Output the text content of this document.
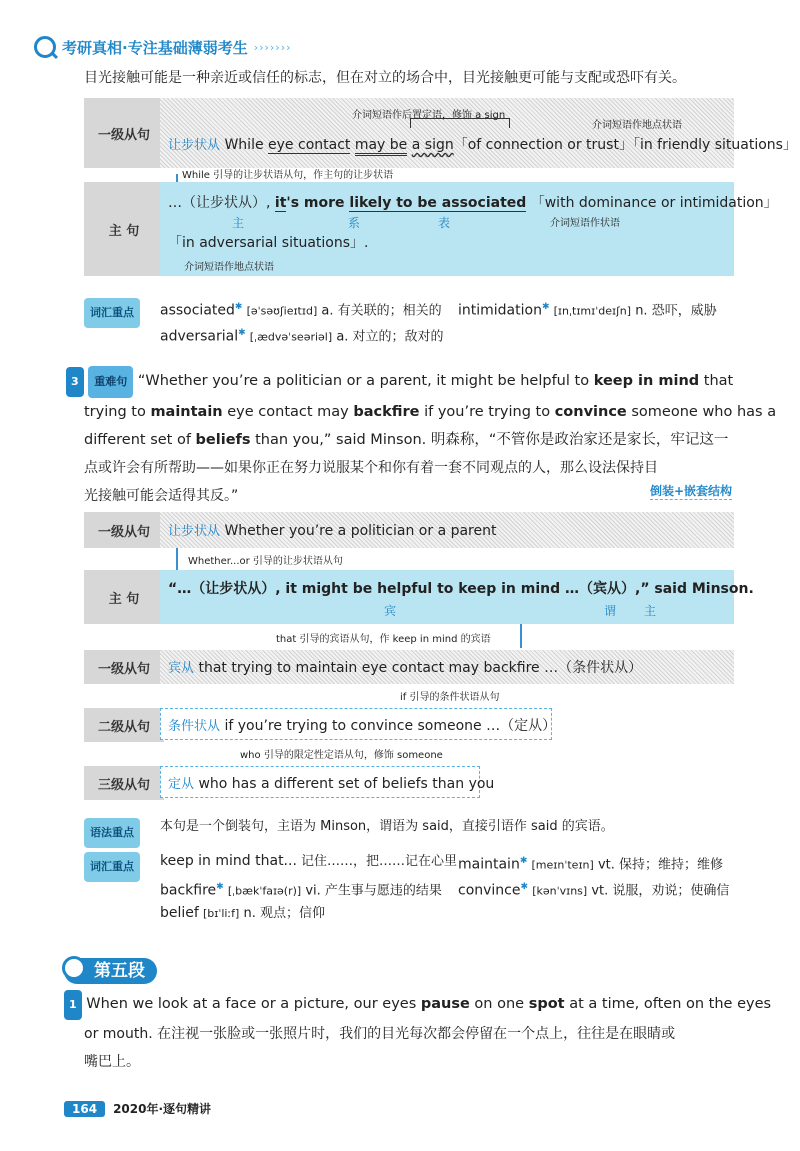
考研真相·专注基础薄弱考生 ›››››››
目光接触可能是一种亲近或信任的标志，但在对立的场合中，目光接触更可能与支配或恐吓有关。
一级从句
介词短语作后置定语，修饰 a sign
介词短语作地点状语
让步状从 While eye contact may be a sign「of connection or trust」「in friendly situations」
While 引导的让步状语从句，作主句的让步状语
主 句
…（让步状从）, it's more likely to be associated 「with dominance or intimidation」
介词短语作状语
主	系	表
「in adversarial situations」.
介词短语作地点状语
词汇重点	associated✱ [əˈsəʊʃieɪtɪd] a. 有关联的；相关的 intimidation✱ [ɪnˌtɪmɪˈdeɪʃn] n. 恐吓，威胁
adversarial✱ [ˌædvəˈseəriəl] a. 对立的；敌对的
3 重难句 “Whether you’re a politician or a parent, it might be helpful to keep in mind that
trying to maintain eye contact may backfire if you’re trying to convince someone who has a
different set of beliefs than you,” said Minson. 明森称，“不管你是政治家还是家长，牢记这一
点或许会有所帮助——如果你正在努力说服某个和你有着一套不同观点的人，那么设法保持目
光接触可能会适得其反。”	倒装+嵌套结构
一级从句	让步状从 Whether you’re a politician or a parent
Whether...or 引导的让步状语从句
主 句
“…（让步状从）, it might be helpful to keep in mind …（宾从）,” said Minson.
宾	谓 主
that 引导的宾语从句，作 keep in mind 的宾语
一级从句	宾从 that trying to maintain eye contact may backfire …（条件状从）
if 引导的条件状语从句
二级从句	条件状从 if you’re trying to convince someone …（定从）
who 引导的限定性定语从句，修饰 someone
三级从句	定从 who has a different set of beliefs than you
语法重点	本句是一个倒装句，主语为 Minson，谓语为 said，直接引语作 said 的宾语。
词汇重点	keep in mind that... 记住……，把……记在心里 maintain✱ [meɪnˈteɪn] vt. 保持；维持；维修
backfire✱ [ˌbækˈfaɪə(r)] vi. 产生事与愿违的结果 convince✱ [kənˈvɪns] vt. 说服，劝说；使确信
belief [bɪˈliːf] n. 观点；信仰
第五段
1 When we look at a face or a picture, our eyes pause on one spot at a time, often on the eyes
or mouth. 在注视一张脸或一张照片时，我们的目光每次都会停留在一个点上，往往是在眼睛或
嘴巴上。
164	2020年·逐句精讲
